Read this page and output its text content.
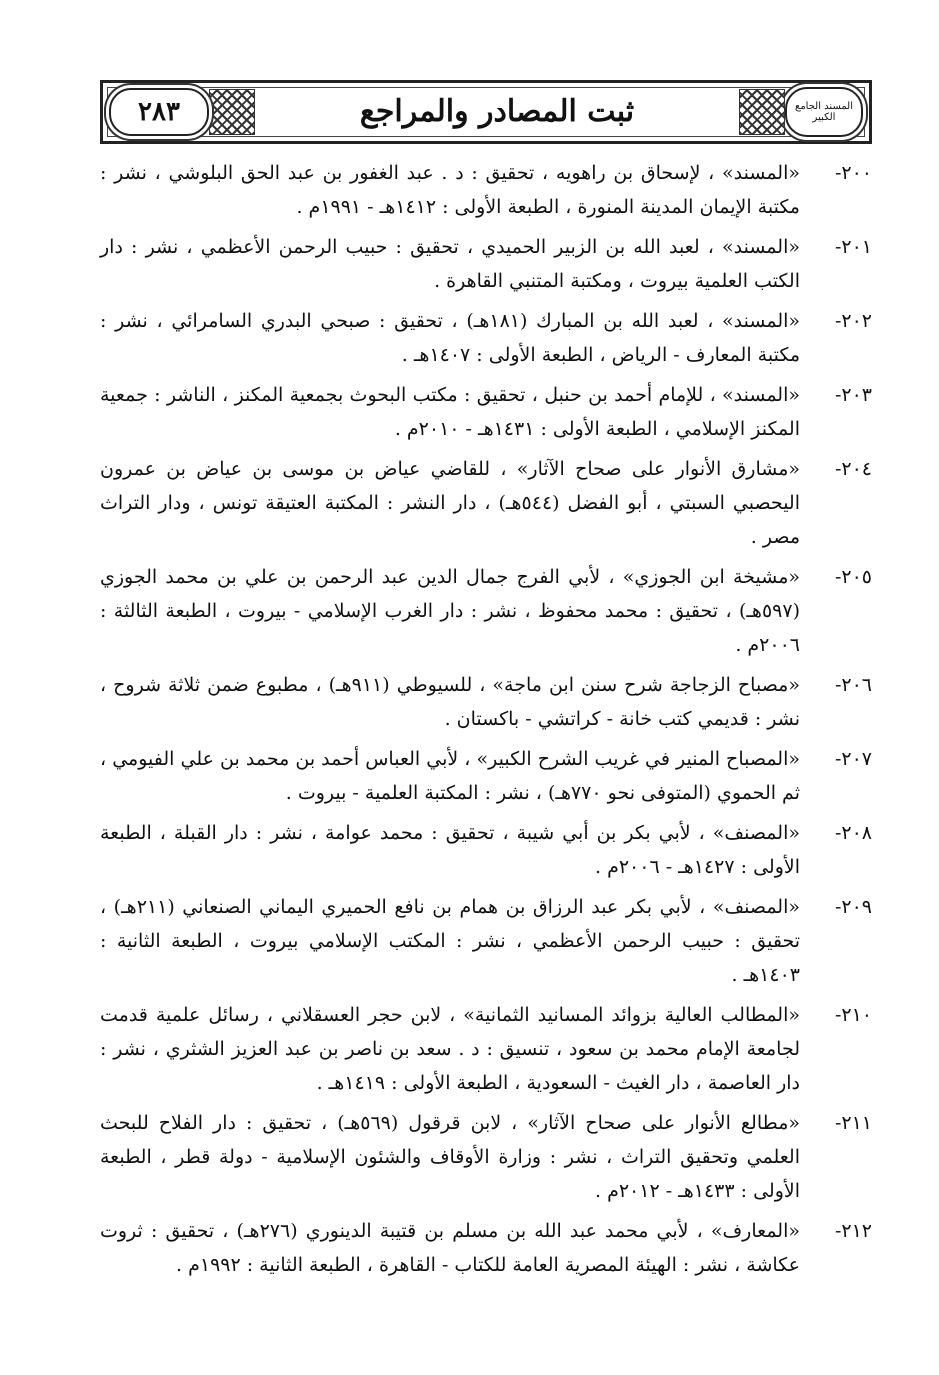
المسند الجامع الكبير
ثبت المصادر والمراجع
٢٨٣
٢٠٠-
«المسند» ، لإسحاق بن راهويه ، تحقيق : د . عبد الغفور بن عبد الحق البلوشي ، نشر : مكتبة الإيمان المدينة المنورة ، الطبعة الأولى : ١٤١٢هـ - ١٩٩١م .
٢٠١-
«المسند» ، لعبد الله بن الزبير الحميدي ، تحقيق : حبيب الرحمن الأعظمي ، نشر : دار الكتب العلمية بيروت ، ومكتبة المتنبي القاهرة .
٢٠٢-
«المسند» ، لعبد الله بن المبارك (١٨١هـ) ، تحقيق : صبحي البدري السامرائي ، نشر : مكتبة المعارف - الرياض ، الطبعة الأولى : ١٤٠٧هـ .
٢٠٣-
«المسند» ، للإمام أحمد بن حنبل ، تحقيق : مكتب البحوث بجمعية المكنز ، الناشر : جمعية المكنز الإسلامي ، الطبعة الأولى : ١٤٣١هـ - ٢٠١٠م .
٢٠٤-
«مشارق الأنوار على صحاح الآثار» ، للقاضي عياض بن موسى بن عياض بن عمرون اليحصبي السبتي ، أبو الفضل (٥٤٤هـ) ، دار النشر : المكتبة العتيقة تونس ، ودار التراث مصر .
٢٠٥-
«مشيخة ابن الجوزي» ، لأبي الفرج جمال الدين عبد الرحمن بن علي بن محمد الجوزي (٥٩٧هـ) ، تحقيق : محمد محفوظ ، نشر : دار الغرب الإسلامي - بيروت ، الطبعة الثالثة : ٢٠٠٦م .
٢٠٦-
«مصباح الزجاجة شرح سنن ابن ماجة» ، للسيوطي (٩١١هـ) ، مطبوع ضمن ثلاثة شروح ، نشر : قديمي كتب خانة - كراتشي - باكستان .
٢٠٧-
«المصباح المنير في غريب الشرح الكبير» ، لأبي العباس أحمد بن محمد بن علي الفيومي ، ثم الحموي (المتوفى نحو ٧٧٠هـ) ، نشر : المكتبة العلمية - بيروت .
٢٠٨-
«المصنف» ، لأبي بكر بن أبي شيبة ، تحقيق : محمد عوامة ، نشر : دار القبلة ، الطبعة الأولى : ١٤٢٧هـ - ٢٠٠٦م .
٢٠٩-
«المصنف» ، لأبي بكر عبد الرزاق بن همام بن نافع الحميري اليماني الصنعاني (٢١١هـ) ، تحقيق : حبيب الرحمن الأعظمي ، نشر : المكتب الإسلامي بيروت ، الطبعة الثانية : ١٤٠٣هـ .
٢١٠-
«المطالب العالية بزوائد المسانيد الثمانية» ، لابن حجر العسقلاني ، رسائل علمية قدمت لجامعة الإمام محمد بن سعود ، تنسيق : د . سعد بن ناصر بن عبد العزيز الشثري ، نشر : دار العاصمة ، دار الغيث - السعودية ، الطبعة الأولى : ١٤١٩هـ .
٢١١-
«مطالع الأنوار على صحاح الآثار» ، لابن قرقول (٥٦٩هـ) ، تحقيق : دار الفلاح للبحث العلمي وتحقيق التراث ، نشر : وزارة الأوقاف والشئون الإسلامية - دولة قطر ، الطبعة الأولى : ١٤٣٣هـ - ٢٠١٢م .
٢١٢-
«المعارف» ، لأبي محمد عبد الله بن مسلم بن قتيبة الدينوري (٢٧٦هـ) ، تحقيق : ثروت عكاشة ، نشر : الهيئة المصرية العامة للكتاب - القاهرة ، الطبعة الثانية : ١٩٩٢م .
